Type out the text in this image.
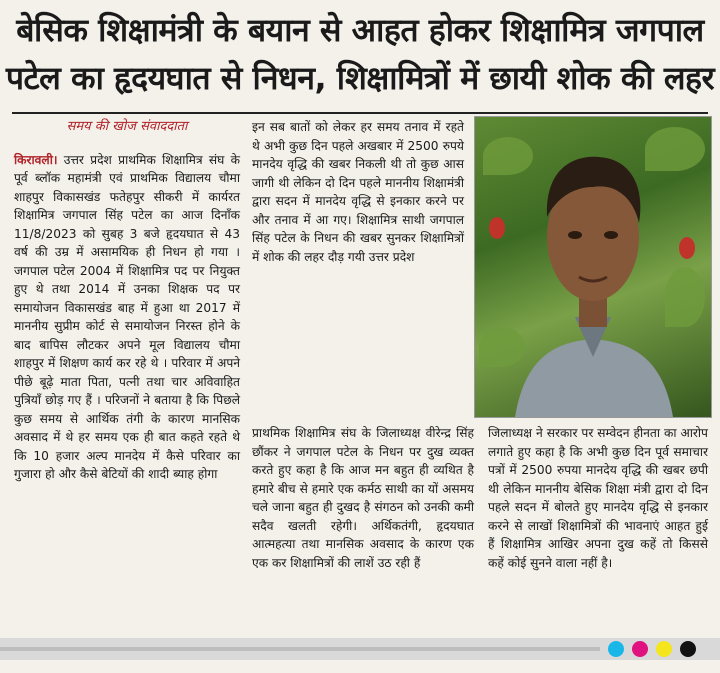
बेसिक शिक्षामंत्री के बयान से आहत होकर शिक्षामित्र जगपाल
पटेल का हृदयघात से निधन, शिक्षामित्रों में छायी शोक की लहर
समय की खोज संवाददाता

किरावली। उत्तर प्रदेश प्राथमिक शिक्षामित्र संघ के पूर्व ब्लॉक महामंत्री एवं प्राथमिक विद्यालय चौमा शाहपुर विकासखंड फतेहपुर सीकरी में कार्यरत शिक्षामित्र जगपाल सिंह पटेल का आज दिनाँक 11/8/2023 को सुबह 3 बजे हृदयघात से 43 वर्ष की उम्र में असामयिक ही निधन हो गया । जगपाल पटेल 2004 में शिक्षामित्र पद पर नियुक्त हुए थे तथा 2014 में उनका शिक्षक पद पर समायोजन विकासखंड बाह में हुआ था 2017 में माननीय सुप्रीम कोर्ट से समायोजन निरस्त होने के बाद बापिस लौटकर अपने मूल विद्यालय चौमा शाहपुर में शिक्षण कार्य कर रहे थे । परिवार में अपने पीछे बूढ़े माता पिता, पत्नी तथा चार अविवाहित पुत्रियाँ छोड़ गए हैं । परिजनों ने बताया है कि पिछले कुछ समय से आर्थिक तंगी के कारण मानसिक अवसाद में थे हर समय एक ही बात कहते रहते थे कि 10 हजार अल्प मानदेय में कैसे परिवार का गुजारा हो और कैसे बेटियों की शादी ब्याह होगा

इन सब बातों को लेकर हर समय तनाव में रहते थे अभी कुछ दिन पहले अखबार में 2500 रुपये मानदेय वृद्धि की खबर निकली थी तो कुछ आस जागी थी लेकिन दो दिन पहले माननीय शिक्षामंत्री द्वारा सदन में मानदेय वृद्धि से इनकार करने पर और तनाव में आ गए। शिक्षामित्र साथी जगपाल सिंह पटेल के निधन की खबर सुनकर शिक्षामित्रों में शोक की लहर दौड़ गयी उत्तर प्रदेश

प्राथमिक शिक्षामित्र संघ के जिलाध्यक्ष वीरेन्द्र सिंह छौंकर ने जगपाल पटेल के निधन पर दुख व्यक्त करते हुए कहा है कि आज मन बहुत ही व्यथित है हमारे बीच से हमारे एक कर्मठ साथी का यों असमय चले जाना बहुत ही दुखद है संगठन को उनकी कमी सदैव खलती रहेगी। अर्थिकतंगी, हृदयघात आत्महत्या तथा मानसिक अवसाद के कारण एक एक कर शिक्षामित्रों की लाशें उठ रही हैं

जिलाध्यक्ष ने सरकार पर सम्वेदन हीनता का आरोप लगाते हुए कहा है कि अभी कुछ दिन पूर्व समाचार पत्रों में 2500 रुपया मानदेय वृद्धि की खबर छपी थी लेकिन माननीय बेसिक शिक्षा मंत्री द्वारा दो दिन पहले सदन में बोलते हुए मानदेय वृद्धि से इनकार करने से लाखों शिक्षामित्रों की भावनाएं आहत हुई हैं शिक्षामित्र आखिर अपना दुख कहें तो किससे कहें कोई सुनने वाला नहीं है।
